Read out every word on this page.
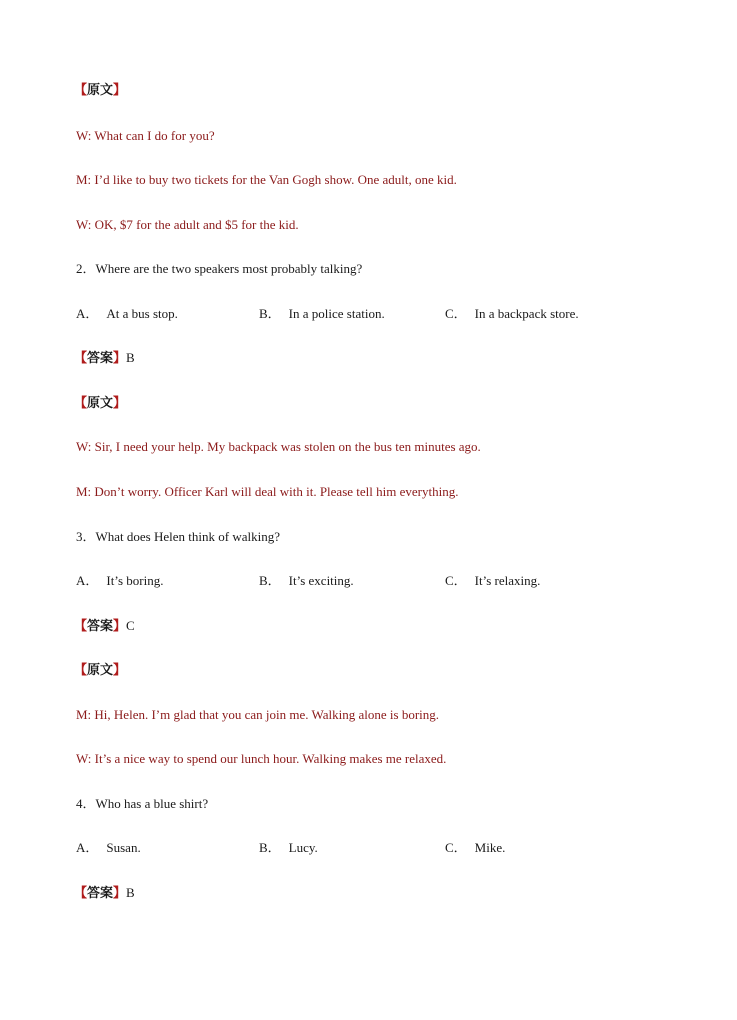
【原文】
W: What can I do for you?
M: I’d like to buy two tickets for the Van Gogh show. One adult, one kid.
W: OK, $7 for the adult and $5 for the kid.
2．Where are the two speakers most probably talking?
A． At a bus stop.	B． In a police station.	C． In a backpack store.
【答案】B
【原文】
W: Sir, I need your help. My backpack was stolen on the bus ten minutes ago.
M: Don’t worry. Officer Karl will deal with it. Please tell him everything.
3．What does Helen think of walking?
A． It’s boring.	B． It’s exciting.	C． It’s relaxing.
【答案】C
【原文】
M: Hi, Helen. I’m glad that you can join me. Walking alone is boring.
W: It’s a nice way to spend our lunch hour. Walking makes me relaxed.
4．Who has a blue shirt?
A． Susan.	B． Lucy.	C． Mike.
【答案】B
